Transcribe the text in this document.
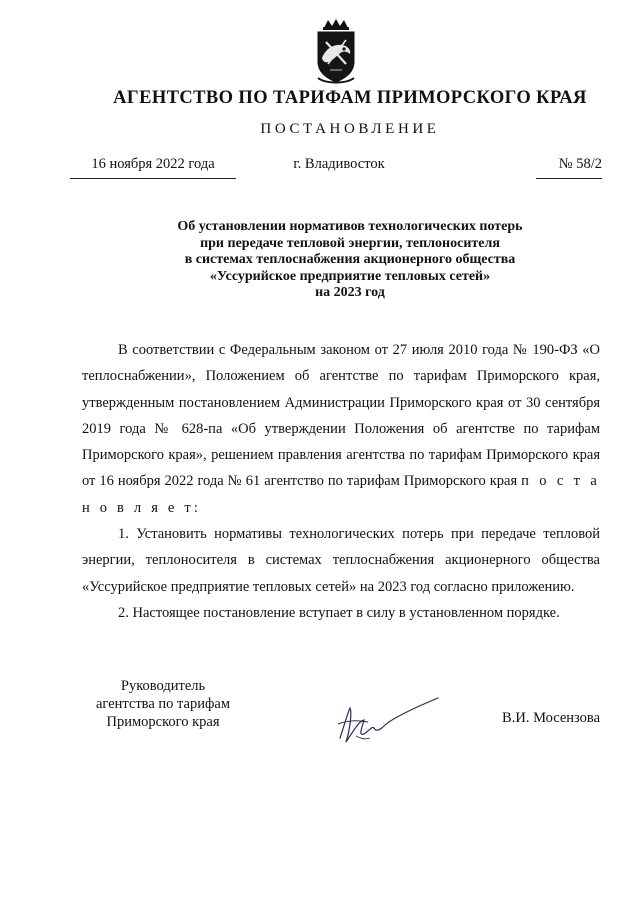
АГЕНТСТВО ПО ТАРИФАМ ПРИМОРСКОГО КРАЯ
ПОСТАНОВЛЕНИЕ
16 ноября 2022 года	г. Владивосток	№ 58/2
Об установлении нормативов технологических потерь
при передаче тепловой энергии, теплоносителя
в системах теплоснабжения акционерного общества
«Уссурийское предприятие тепловых сетей»
на 2023 год

В соответствии с Федеральным законом от 27 июля 2010 года № 190-ФЗ «О теплоснабжении», Положением об агентстве по тарифам Приморского края, утвержденным постановлением Администрации Приморского края от 30 сентября 2019 года № 628-па «Об утверждении Положения об агентстве по тарифам Приморского края», решением правления агентства по тарифам Приморского края от 16 ноября 2022 года № 61 агентство по тарифам Приморского края п о с т а н о в л я е т:

1. Установить нормативы технологических потерь при передаче тепловой энергии, теплоносителя в системах теплоснабжения акционерного общества «Уссурийское предприятие тепловых сетей» на 2023 год согласно приложению.

2. Настоящее постановление вступает в силу в установленном порядке.

Руководитель
агентства по тарифам
Приморского края	В.И. Мосензова
